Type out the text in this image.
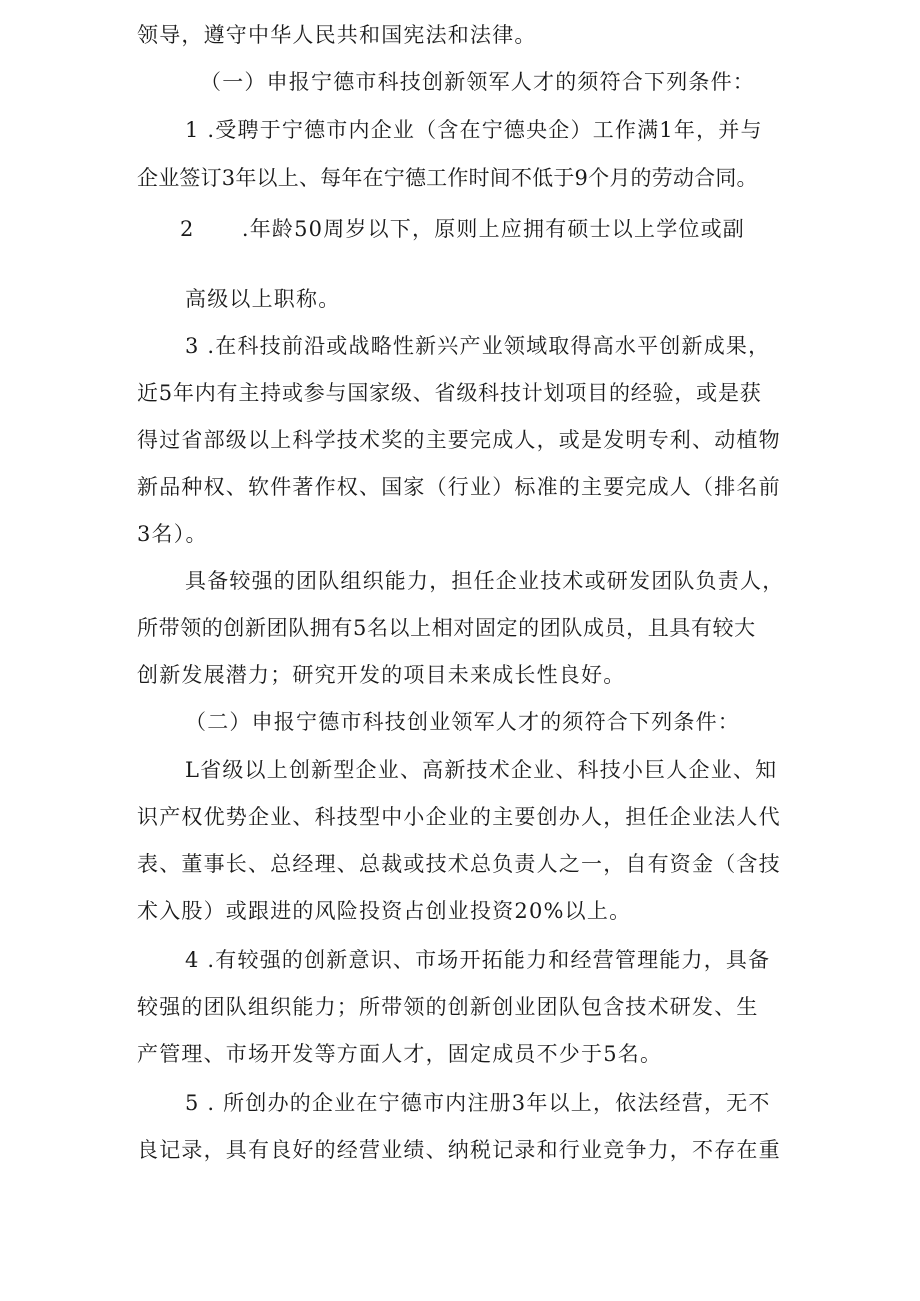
领导，遵守中华人民共和国宪法和法律。
（一）申报宁德市科技创新领军人才的须符合下列条件：
1 .受聘于宁德市内企业（含在宁德央企）工作满1年，并与
企业签订3年以上、每年在宁德工作时间不低于9个月的劳动合同。
2      .年龄50周岁以下，原则上应拥有硕士以上学位或副
高级以上职称。
3 .在科技前沿或战略性新兴产业领域取得高水平创新成果，
近5年内有主持或参与国家级、省级科技计划项目的经验，或是获
得过省部级以上科学技术奖的主要完成人，或是发明专利、动植物
新品种权、软件著作权、国家（行业）标准的主要完成人（排名前
3名）。
具备较强的团队组织能力，担任企业技术或研发团队负责人，
所带领的创新团队拥有5名以上相对固定的团队成员，且具有较大
创新发展潜力；研究开发的项目未来成长性良好。
（二）申报宁德市科技创业领军人才的须符合下列条件：
L省级以上创新型企业、高新技术企业、科技小巨人企业、知
识产权优势企业、科技型中小企业的主要创办人，担任企业法人代
表、董事长、总经理、总裁或技术总负责人之一，自有资金（含技
术入股）或跟进的风险投资占创业投资20%以上。
4 .有较强的创新意识、市场开拓能力和经营管理能力，具备
较强的团队组织能力；所带领的创新创业团队包含技术研发、生
产管理、市场开发等方面人才，固定成员不少于5名。
5 . 所创办的企业在宁德市内注册3年以上，依法经营，无不
良记录，具有良好的经营业绩、纳税记录和行业竞争力，不存在重
